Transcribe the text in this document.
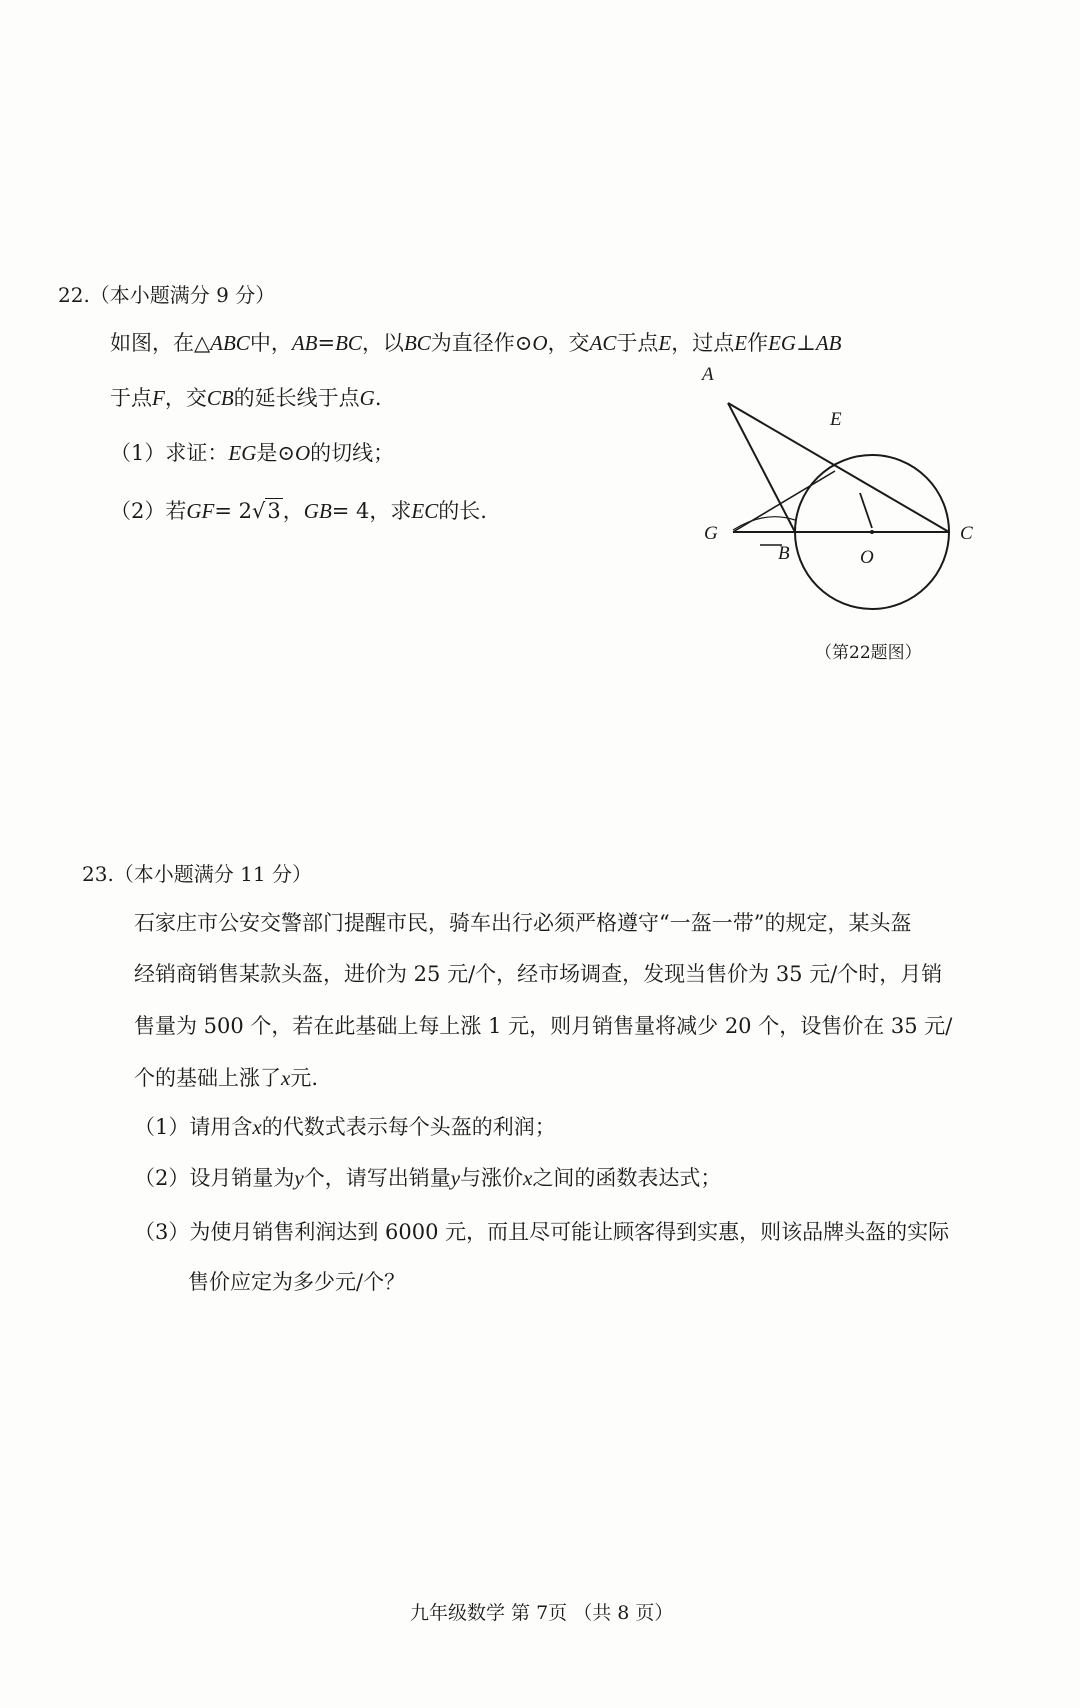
22.（本小题满分 9 分）
如图，在△ABC中，AB=BC，以BC为直径作⊙O，交AC于点E，过点E作EG⊥AB
于点F，交CB的延长线于点G.
（1）求证：EG是⊙O的切线；
（2）若GF= 2√3，GB= 4，求EC的长.
A
E
G
B	O
C
（第22题图）
23.（本小题满分 11 分）
石家庄市公安交警部门提醒市民，骑车出行必须严格遵守“一盔一带”的规定，某头盔
经销商销售某款头盔，进价为 25 元/个，经市场调查，发现当售价为 35 元/个时，月销
售量为 500 个，若在此基础上每上涨 1 元，则月销售量将减少 20 个，设售价在 35 元/
个的基础上涨了x元.
（1）请用含x的代数式表示每个头盔的利润；
（2）设月销量为y个，请写出销量y与涨价x之间的函数表达式；
（3）为使月销售利润达到 6000 元，而且尽可能让顾客得到实惠，则该品牌头盔的实际
售价应定为多少元/个？
九年级数学 第 7页 （共 8 页）
